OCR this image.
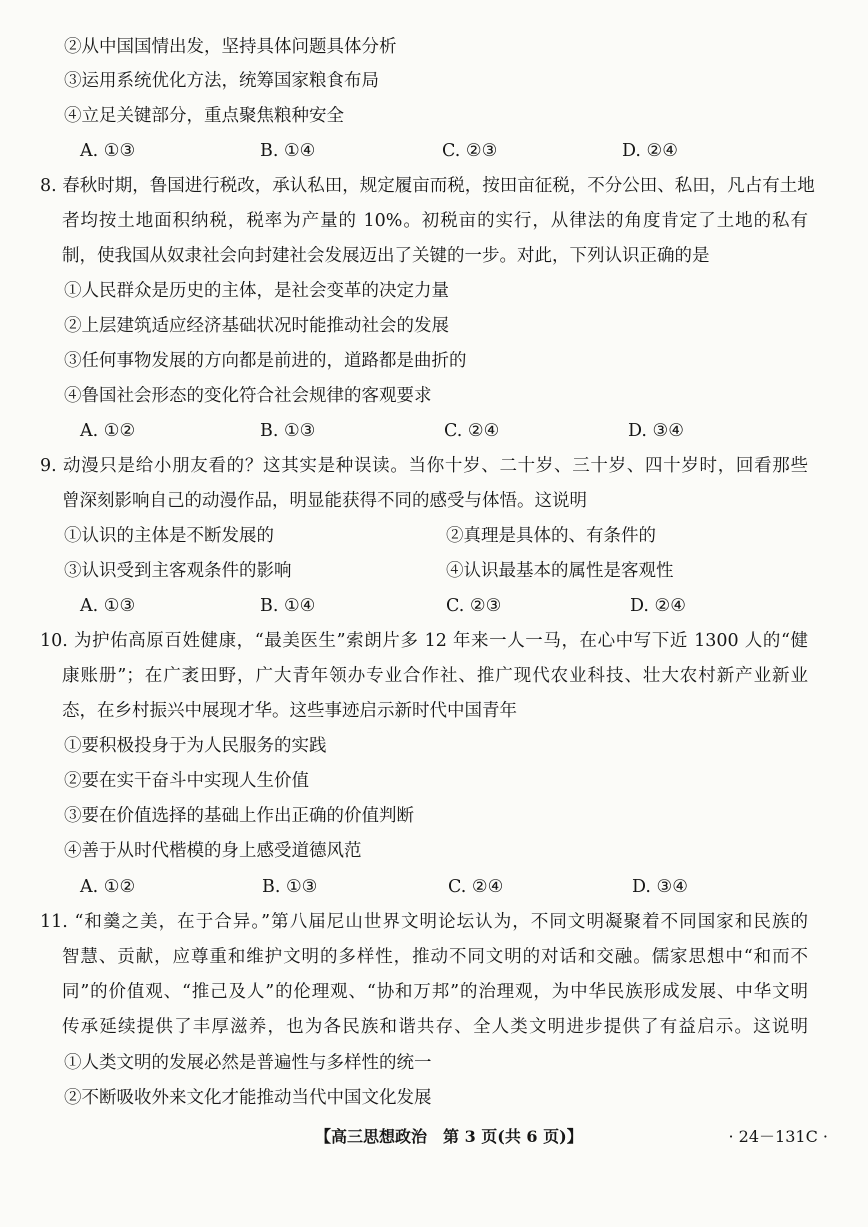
②从中国国情出发，坚持具体问题具体分析
③运用系统优化方法，统筹国家粮食布局
④立足关键部分，重点聚焦粮种安全
A. ①③	B. ①④	C. ②③	D. ②④
8. 春秋时期，鲁国进行税改，承认私田，规定履亩而税，按田亩征税，不分公田、私田，凡占有土地
者均按土地面积纳税，税率为产量的 10%。初税亩的实行，从律法的角度肯定了土地的私有
制，使我国从奴隶社会向封建社会发展迈出了关键的一步。对此，下列认识正确的是
①人民群众是历史的主体，是社会变革的决定力量
②上层建筑适应经济基础状况时能推动社会的发展
③任何事物发展的方向都是前进的，道路都是曲折的
④鲁国社会形态的变化符合社会规律的客观要求
A. ①②	B. ①③	C. ②④	D. ③④
9. 动漫只是给小朋友看的？这其实是种误读。当你十岁、二十岁、三十岁、四十岁时，回看那些
曾深刻影响自己的动漫作品，明显能获得不同的感受与体悟。这说明
①认识的主体是不断发展的	②真理是具体的、有条件的
③认识受到主客观条件的影响	④认识最基本的属性是客观性
A. ①③	B. ①④	C. ②③	D. ②④
10. 为护佑高原百姓健康，“最美医生”索朗片多 12 年来一人一马，在心中写下近 1300 人的“健
康账册”；在广袤田野，广大青年领办专业合作社、推广现代农业科技、壮大农村新产业新业
态，在乡村振兴中展现才华。这些事迹启示新时代中国青年
①要积极投身于为人民服务的实践
②要在实干奋斗中实现人生价值
③要在价值选择的基础上作出正确的价值判断
④善于从时代楷模的身上感受道德风范
A. ①②	B. ①③	C. ②④	D. ③④
11. “和羹之美，在于合异。”第八届尼山世界文明论坛认为，不同文明凝聚着不同国家和民族的
智慧、贡献，应尊重和维护文明的多样性，推动不同文明的对话和交融。儒家思想中“和而不
同”的价值观、“推己及人”的伦理观、“协和万邦”的治理观，为中华民族形成发展、中华文明
传承延续提供了丰厚滋养，也为各民族和谐共存、全人类文明进步提供了有益启示。这说明
①人类文明的发展必然是普遍性与多样性的统一
②不断吸收外来文化才能推动当代中国文化发展
【高三思想政治　第 3 页(共 6 页)】	· 24－131C ·
